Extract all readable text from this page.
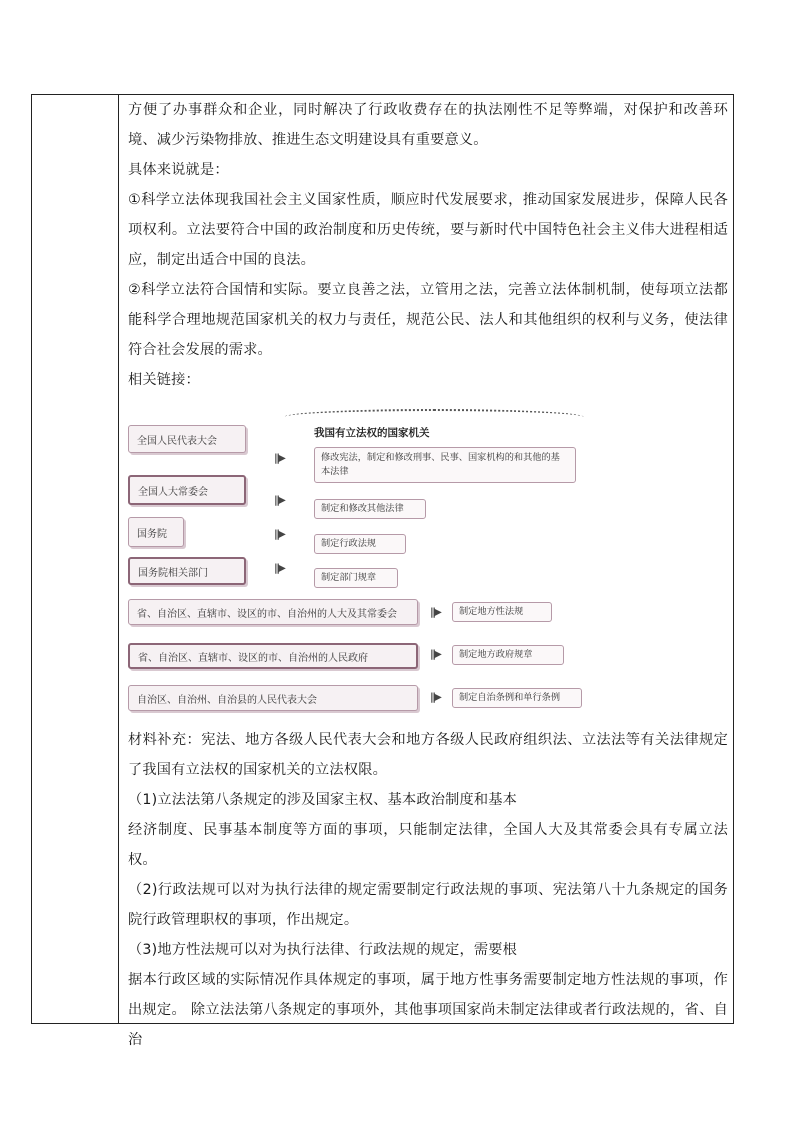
方便了办事群众和企业，同时解决了行政收费存在的执法刚性不足等弊端，对保护和改善环境、减少污染物排放、推进生态文明建设具有重要意义。

具体来说就是：

①科学立法体现我国社会主义国家性质，顺应时代发展要求，推动国家发展进步，保障人民各项权利。立法要符合中国的政治制度和历史传统，要与新时代中国特色社会主义伟大进程相适应，制定出适合中国的良法。

②科学立法符合国情和实际。要立良善之法，立管用之法，完善立法体制机制，使每项立法都能科学合理地规范国家机关的权力与责任，规范公民、法人和其他组织的权利与义务，使法律符合社会发展的需求。

相关链接：

我国有立法权的国家机关
全国人民代表大会
|||▶	修改宪法，制定和修改刑事、民事、国家机构的和其他的基本法律
全国人大常委会
|||▶
制定和修改其他法律
国务院	|||▶
制定行政法规
国务院相关部门	|||▶
制定部门规章
省、自治区、直辖市、设区的市、自治州的人大及其常委会	|||▶	制定地方性法规
省、自治区、直辖市、设区的市、自治州的人民政府	|||▶	制定地方政府规章
自治区、自治州、自治县的人民代表大会	|||▶	制定自治条例和单行条例

材料补充：宪法、地方各级人民代表大会和地方各级人民政府组织法、立法法等有关法律规定了我国有立法权的国家机关的立法权限。

（1)立法法第八条规定的涉及国家主权、基本政治制度和基本

经济制度、民事基本制度等方面的事项，只能制定法律，全国人大及其常委会具有专属立法权。

（2)行政法规可以对为执行法律的规定需要制定行政法规的事项、宪法第八十九条规定的国务院行政管理职权的事项，作出规定。

（3)地方性法规可以对为执行法律、行政法规的规定，需要根

据本行政区域的实际情况作具体规定的事项，属于地方性事务需要制定地方性法规的事项，作出规定。 除立法法第八条规定的事项外，其他事项国家尚未制定法律或者行政法规的，省、自治
